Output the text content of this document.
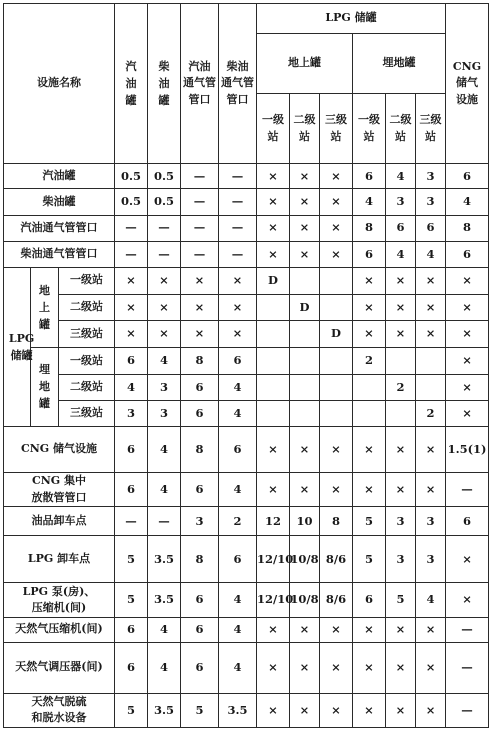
设施名称			汽油罐	柴油罐	汽油
通气管
管口	柴油
通气管
管口	LPG 储罐						CNG
储气
设施

							地上罐			埋地罐			

							一级
站	二级
站	三级
站	一级
站	二级
站	三级
站	

汽油罐			0.5	0.5	—	—	×	×	×	6	4	3	6

柴油罐			0.5	0.5	—	—	×	×	×	4	3	3	4

汽油通气管管口			—	—	—	—	×	×	×	8	6	6	8

柴油通气管管口			—	—	—	—	×	×	×	6	4	4	6
LPG储罐	地上罐	一级站	×	×	×	×	D			×	×	×	×

		二级站	×	×	×	×		D		×	×	×	×

		三级站	×	×	×	×			D	×	×	×	×
	埋地罐	一级站	6	4	8	6				2			×

		二级站	4	3	6	4					2		×

		三级站	3	3	6	4						2	×

CNG 储气设施			6	4	8	6	×	×	×	×	×	×	1.5(1)

CNG 集中
放散管管口			6	4	6	4	×	×	×	×	×	×	—

油品卸车点			—	—	3	2	12	10	8	5	3	3	6

LPG 卸车点			5	3.5	8	6	12/10	10/8	8/6	5	3	3	×

LPG 泵(房)、
压缩机(间)			5	3.5	6	4	12/10	10/8	8/6	6	5	4	×

天然气压缩机(间)			6	4	6	4	×	×	×	×	×	×	—

天然气调压器(间)			6	4	6	4	×	×	×	×	×	×	—

天然气脱硫
和脱水设备			5	3.5	5	3.5	×	×	×	×	×	×	—
